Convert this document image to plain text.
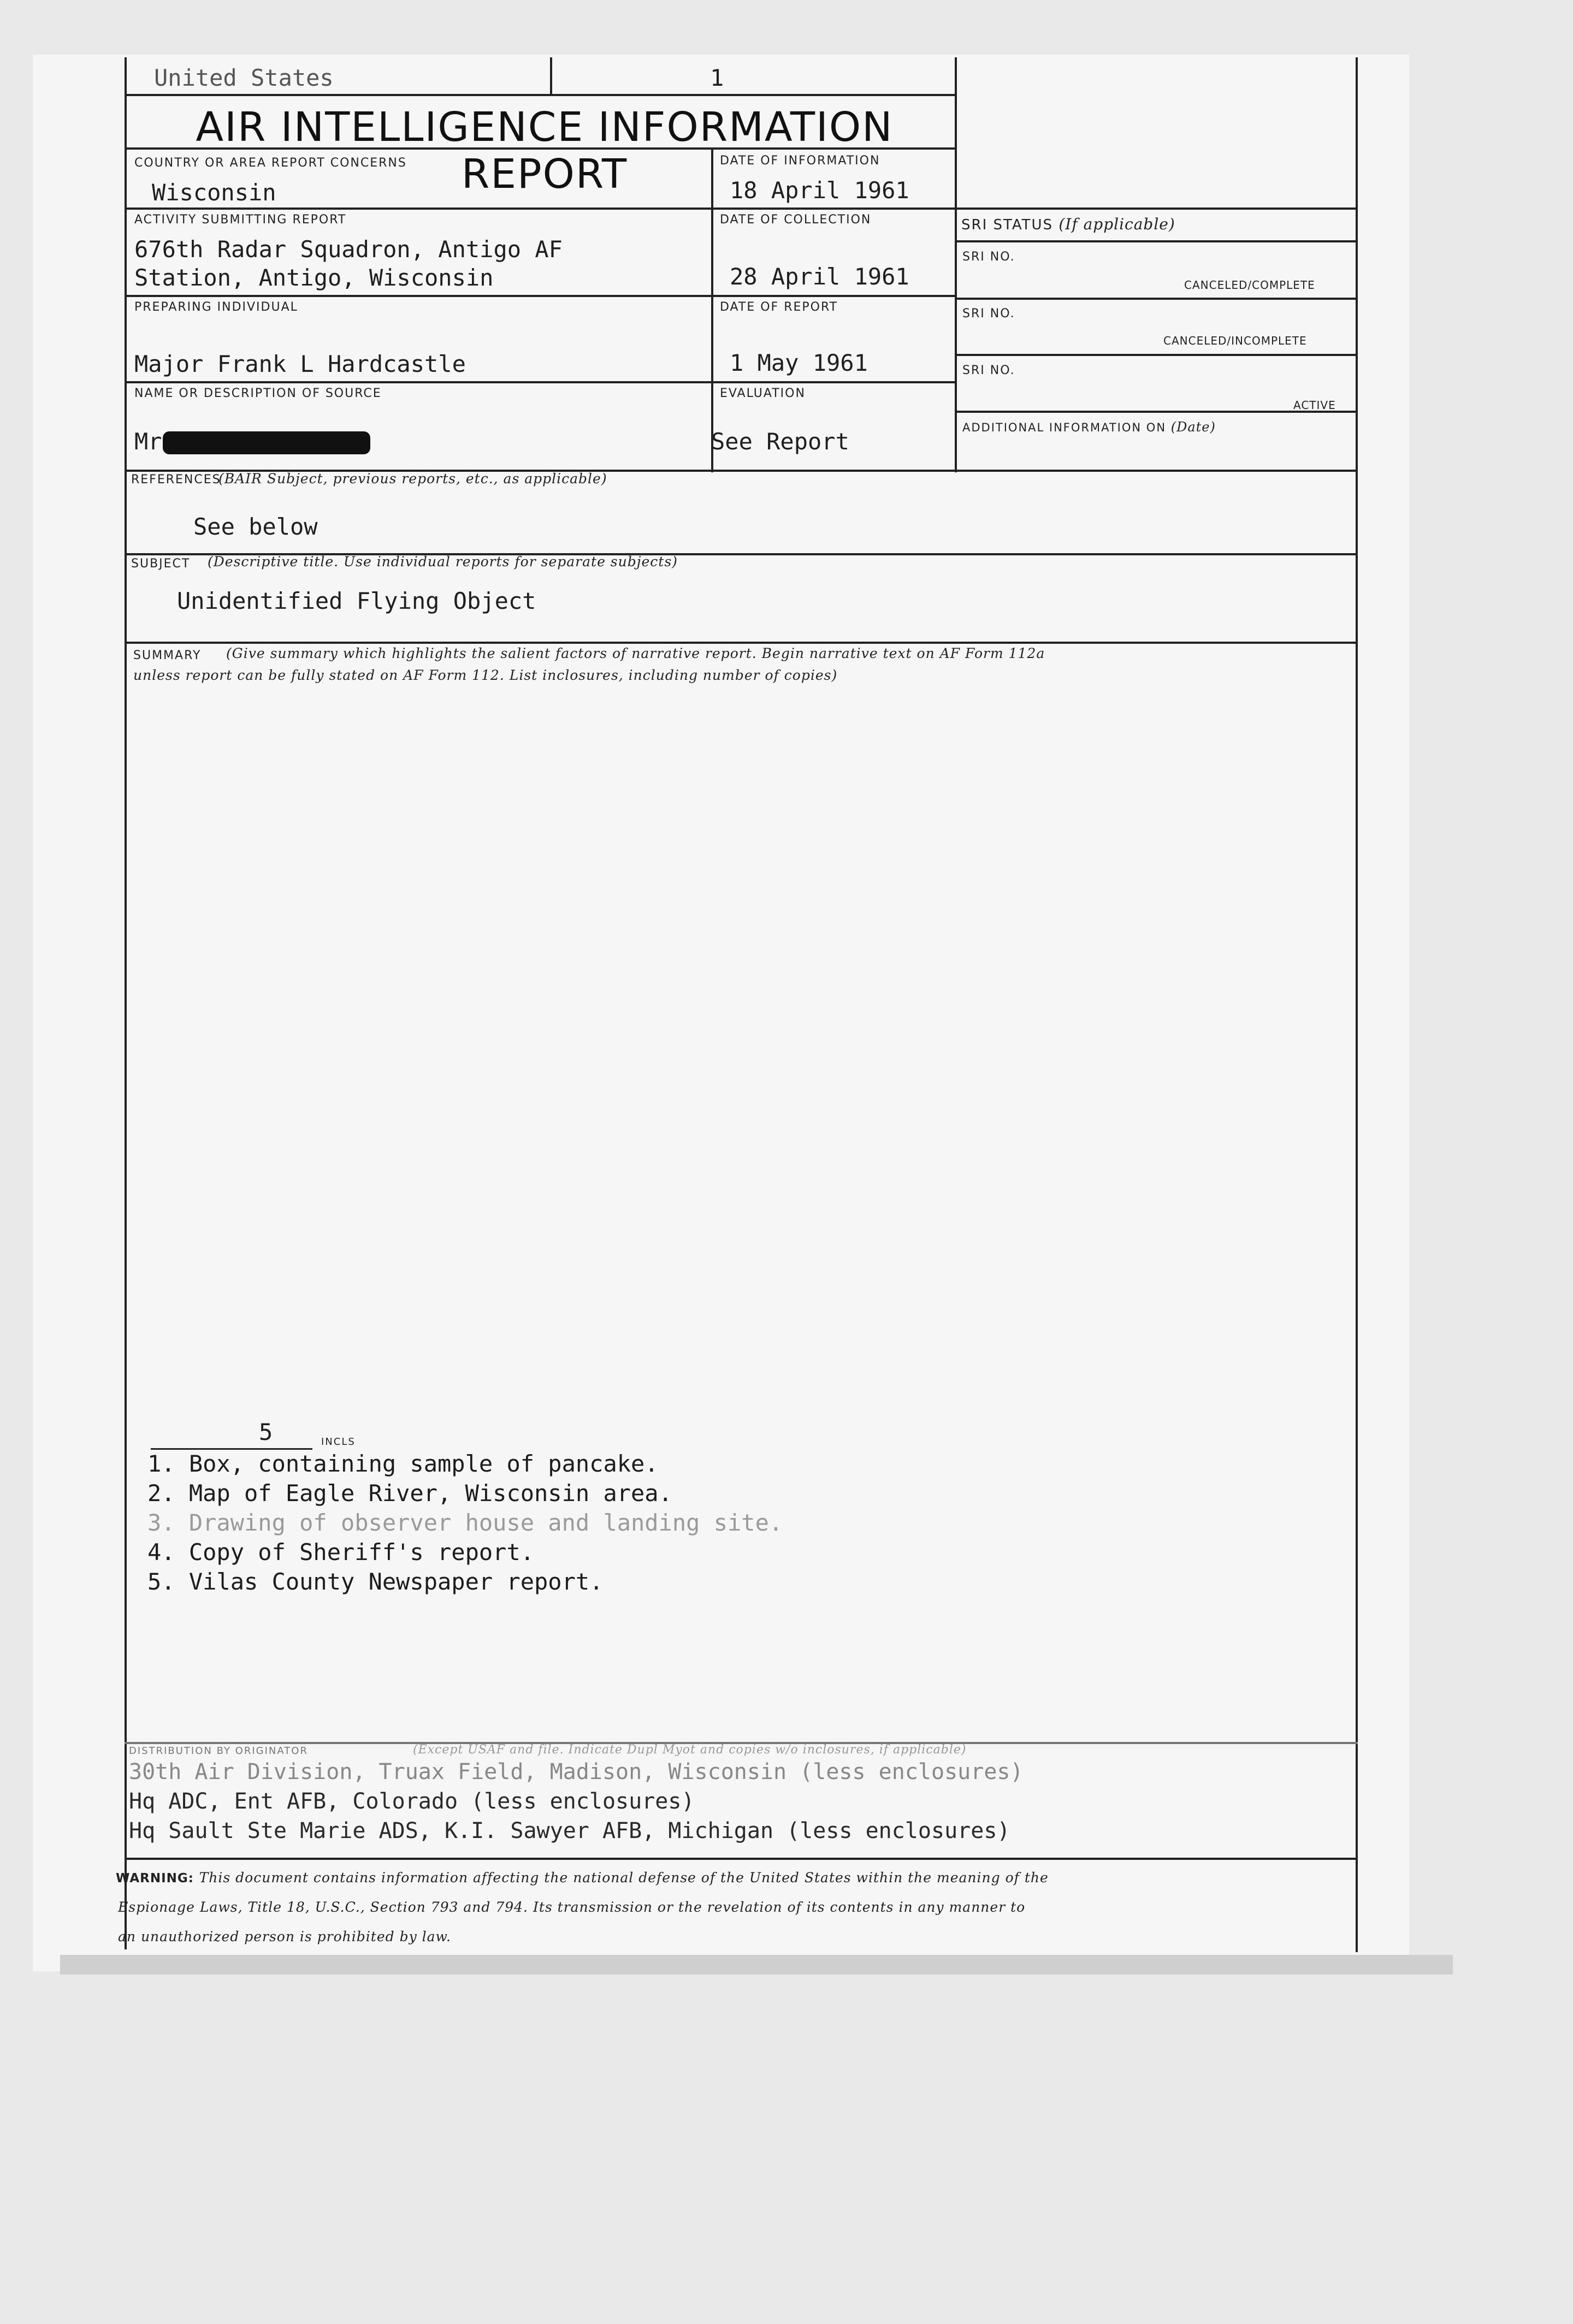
United States	1
AIR INTELLIGENCE INFORMATION REPORT
COUNTRY OR AREA REPORT CONCERNS
Wisconsin
DATE OF INFORMATION
18 April 1961
ACTIVITY SUBMITTING REPORT
676th Radar Squadron, Antigo AF
Station, Antigo, Wisconsin
DATE OF COLLECTION
28 April 1961
PREPARING INDIVIDUAL
Major Frank L Hardcastle
DATE OF REPORT
1 May 1961
NAME OR DESCRIPTION OF SOURCE
Mr
EVALUATION
See Report
SRI STATUS (If applicable)
SRI NO.
CANCELED/COMPLETE
SRI NO.
CANCELED/INCOMPLETE
SRI NO.
ACTIVE
ADDITIONAL INFORMATION ON (Date)
REFERENCES
(BAIR Subject, previous reports, etc., as applicable)
See below
SUBJECT (Descriptive title. Use individual reports for separate subjects)
Unidentified Flying Object
SUMMARY (Give summary which highlights the salient factors of narrative report. Begin narrative text on AF Form 112a
unless report can be fully stated on AF Form 112. List inclosures, including number of copies)
5	INCLS
1. Box, containing sample of pancake.
2. Map of Eagle River, Wisconsin area.
3. Drawing of observer house and landing site.
4. Copy of Sheriff's report.
5. Vilas County Newspaper report.
DISTRIBUTION BY ORIGINATOR	(Except USAF and file. Indicate Dupl Myot and copies w/o inclosures, if applicable)
30th Air Division, Truax Field, Madison, Wisconsin (less enclosures)
Hq ADC, Ent AFB, Colorado (less enclosures)
Hq Sault Ste Marie ADS, K.I. Sawyer AFB, Michigan (less enclosures)
WARNING: This document contains information affecting the national defense of the United States within the meaning of the
Espionage Laws, Title 18, U.S.C., Section 793 and 794. Its transmission or the revelation of its contents in any manner to
an unauthorized person is prohibited by law.
